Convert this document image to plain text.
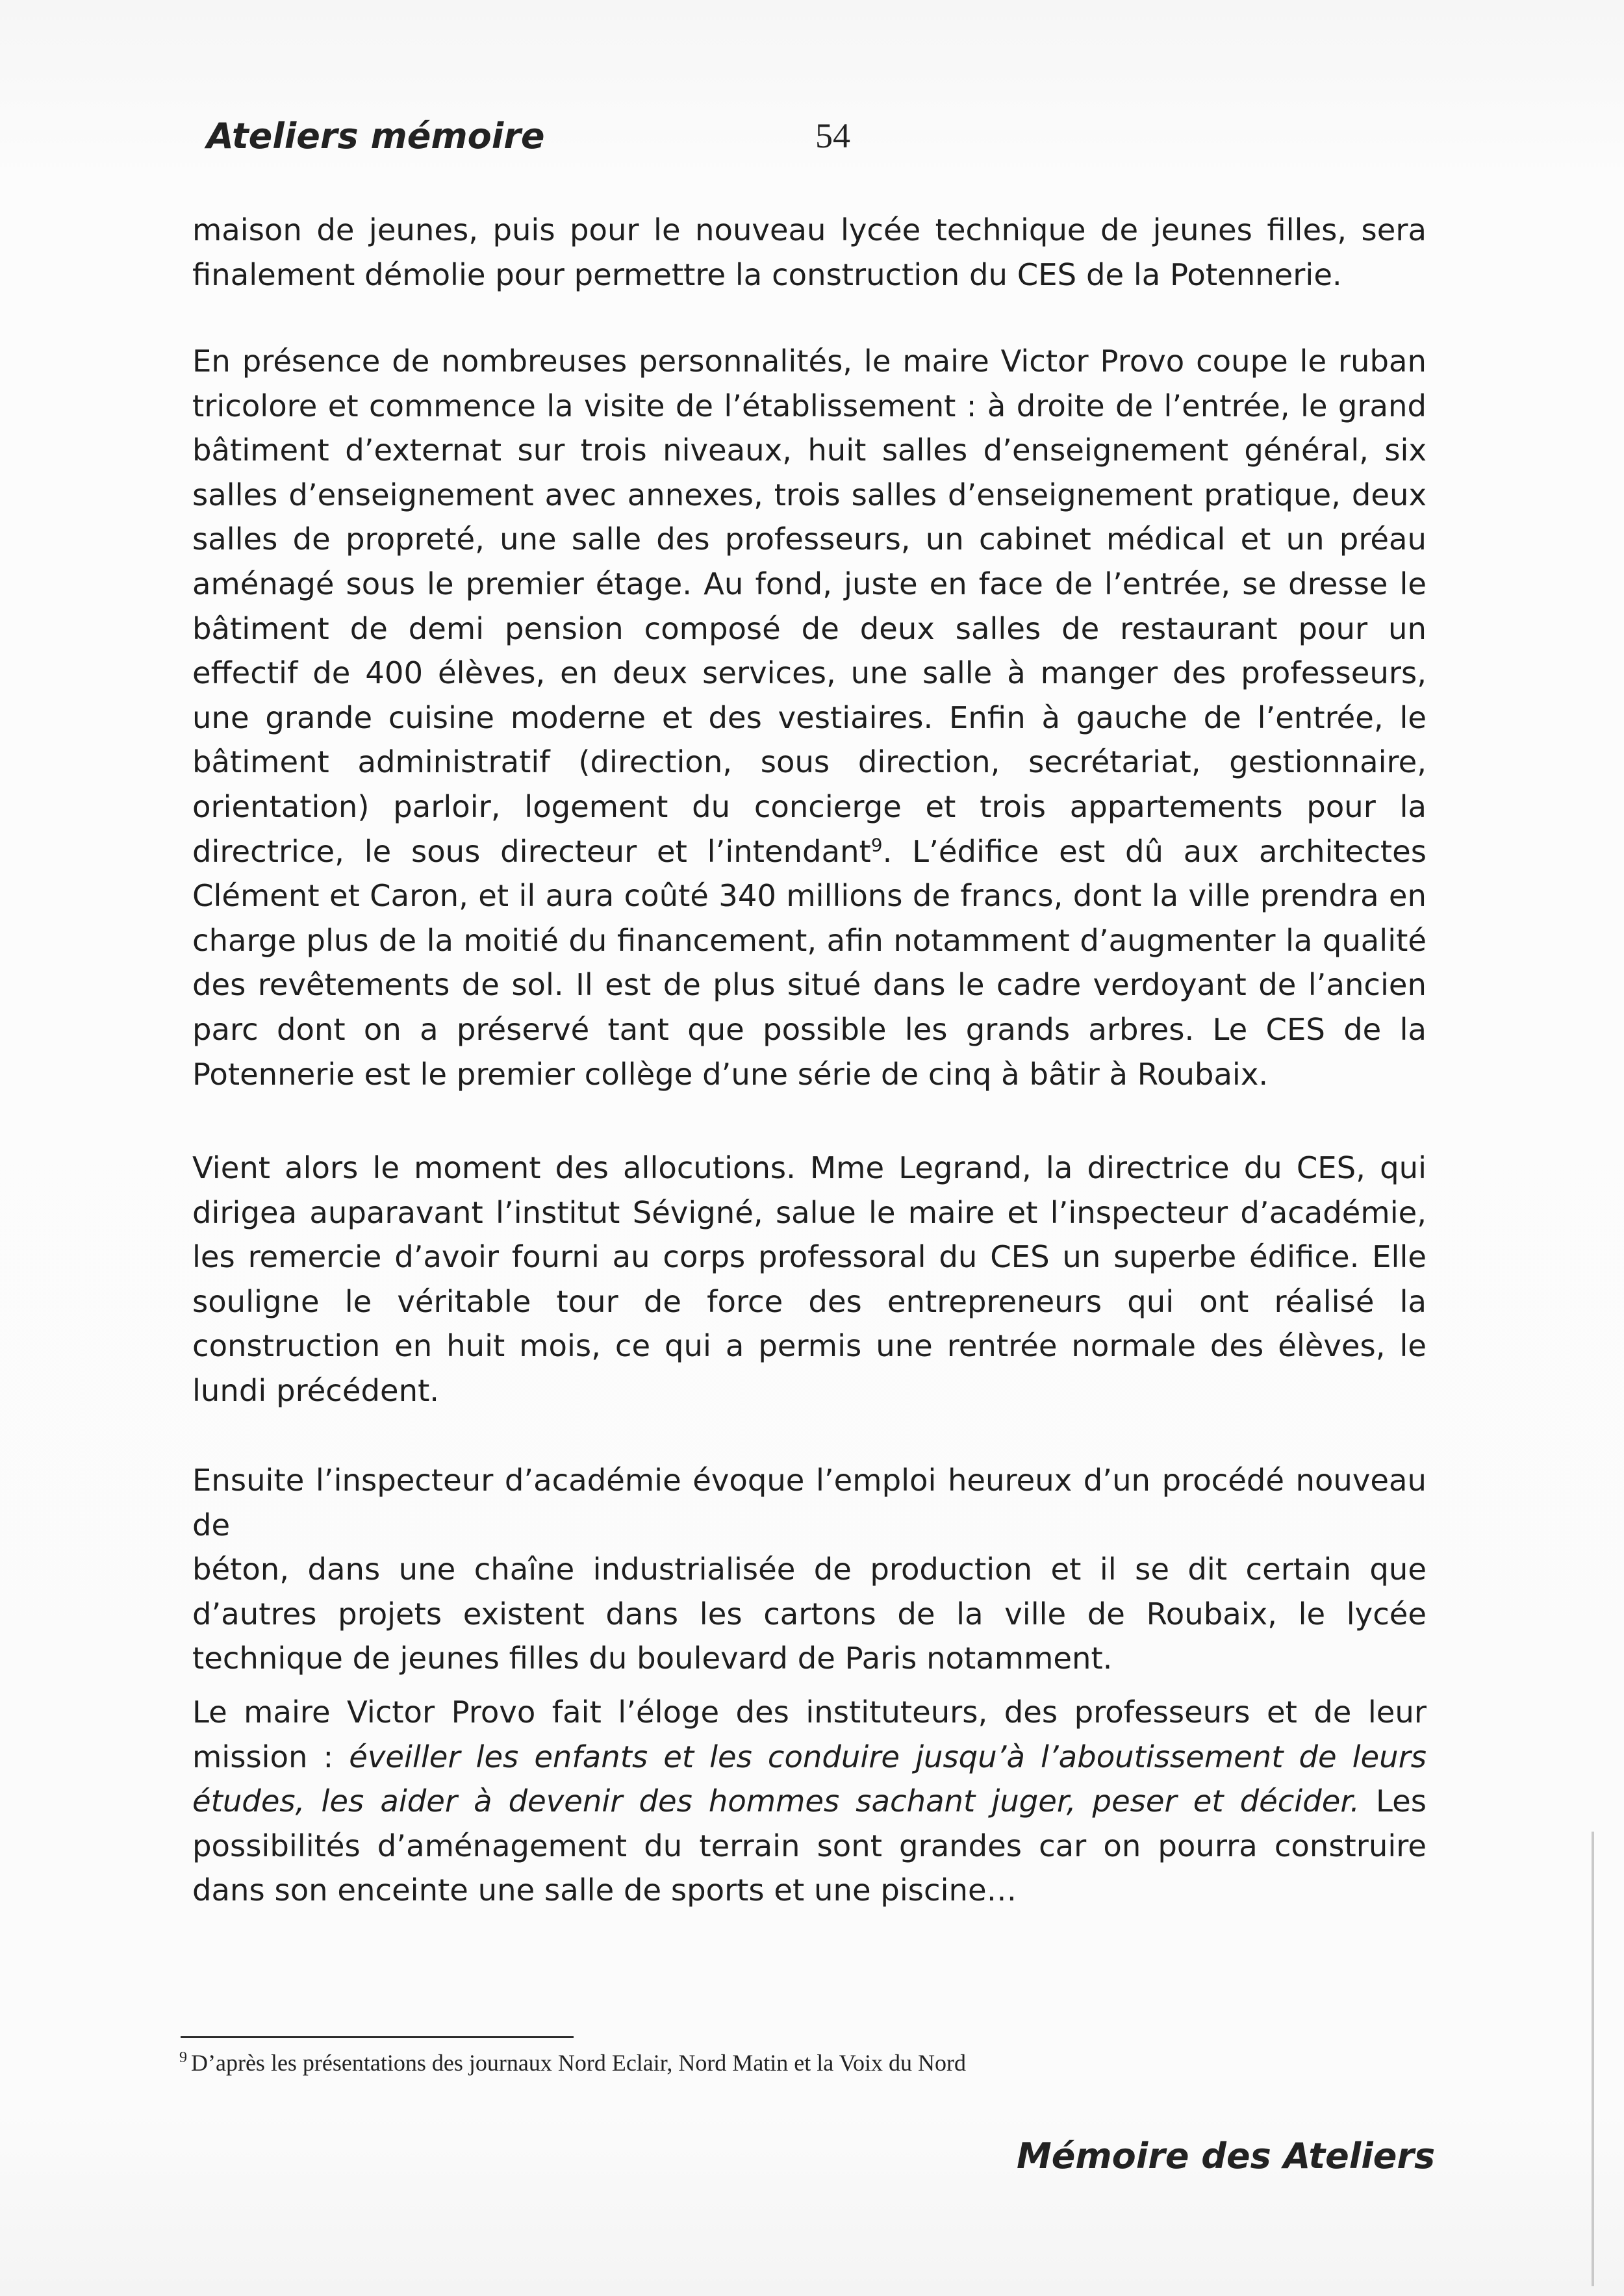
Ateliers mémoire	54
maison de jeunes, puis pour le nouveau lycée technique de jeunes filles, sera
finalement démolie pour permettre la construction du CES de la Potennerie.
En présence de nombreuses personnalités, le maire Victor Provo coupe le ruban
tricolore et commence la visite de l’établissement : à droite de l’entrée, le grand
bâtiment d’externat sur trois niveaux, huit salles d’enseignement général, six
salles d’enseignement avec annexes, trois salles d’enseignement pratique, deux
salles de propreté, une salle des professeurs, un cabinet médical et un préau
aménagé sous le premier étage. Au fond, juste en face de l’entrée, se dresse le
bâtiment de demi pension composé de deux salles de restaurant pour un
effectif de 400 élèves, en deux services, une salle à manger des professeurs,
une grande cuisine moderne et des vestiaires. Enfin à gauche de l’entrée, le
bâtiment administratif (direction, sous direction, secrétariat, gestionnaire,
orientation) parloir, logement du concierge et trois appartements pour la
directrice, le sous directeur et l’intendant$^9$. L’édifice est dû aux architectes
Clément et Caron, et il aura coûté 340 millions de francs, dont la ville prendra en
charge plus de la moitié du financement, afin notamment d’augmenter la qualité
des revêtements de sol. Il est de plus situé dans le cadre verdoyant de l’ancien
parc dont on a préservé tant que possible les grands arbres. Le CES de la
Potennerie est le premier collège d’une série de cinq à bâtir à Roubaix.
Vient alors le moment des allocutions. Mme Legrand, la directrice du CES, qui
dirigea auparavant l’institut Sévigné, salue le maire et l’inspecteur d’académie,
les remercie d’avoir fourni au corps professoral du CES un superbe édifice. Elle
souligne le véritable tour de force des entrepreneurs qui ont réalisé la
construction en huit mois, ce qui a permis une rentrée normale des élèves, le
lundi précédent.
Ensuite l’inspecteur d’académie évoque l’emploi heureux d’un procédé nouveau de
béton, dans une chaîne industrialisée de production et il se dit certain que
d’autres projets existent dans les cartons de la ville de Roubaix, le lycée
technique de jeunes filles du boulevard de Paris notamment.
Le maire Victor Provo fait l’éloge des instituteurs, des professeurs et de leur
mission : éveiller les enfants et les conduire jusqu’à l’aboutissement de leurs
études, les aider à devenir des hommes sachant juger, peser et décider. Les
possibilités d’aménagement du terrain sont grandes car on pourra construire
dans son enceinte une salle de sports et une piscine…
$^9$ D’après les présentations des journaux Nord Eclair, Nord Matin et la Voix du Nord
Mémoire des Ateliers
